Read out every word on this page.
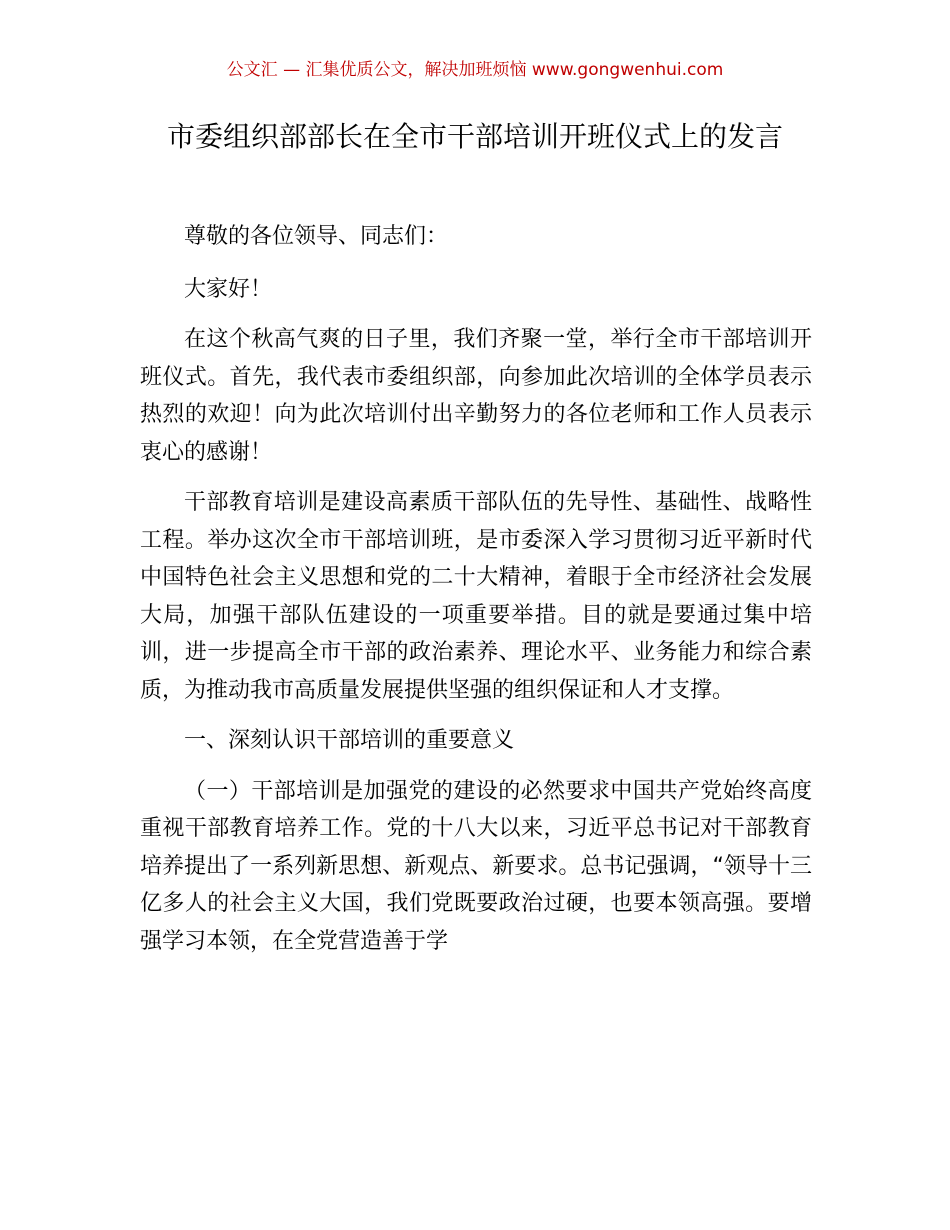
公文汇 — 汇集优质公文，解决加班烦恼 www.gongwenhui.com
市委组织部部长在全市干部培训开班仪式上的发言

尊敬的各位领导、同志们：

大家好！

在这个秋高气爽的日子里，我们齐聚一堂，举行全市干部培训开班仪式。首先，我代表市委组织部，向参加此次培训的全体学员表示热烈的欢迎！向为此次培训付出辛勤努力的各位老师和工作人员表示衷心的感谢！

干部教育培训是建设高素质干部队伍的先导性、基础性、战略性工程。举办这次全市干部培训班，是市委深入学习贯彻习近平新时代中国特色社会主义思想和党的二十大精神，着眼于全市经济社会发展大局，加强干部队伍建设的一项重要举措。目的就是要通过集中培训，进一步提高全市干部的政治素养、理论水平、业务能力和综合素质，为推动我市高质量发展提供坚强的组织保证和人才支撑。

一、深刻认识干部培训的重要意义

（一）干部培训是加强党的建设的必然要求中国共产党始终高度重视干部教育培养工作。党的十八大以来，习近平总书记对干部教育培养提出了一系列新思想、新观点、新要求。总书记强调，“领导十三亿多人的社会主义大国，我们党既要政治过硬，也要本领高强。要增强学习本领，在全党营造善于学
